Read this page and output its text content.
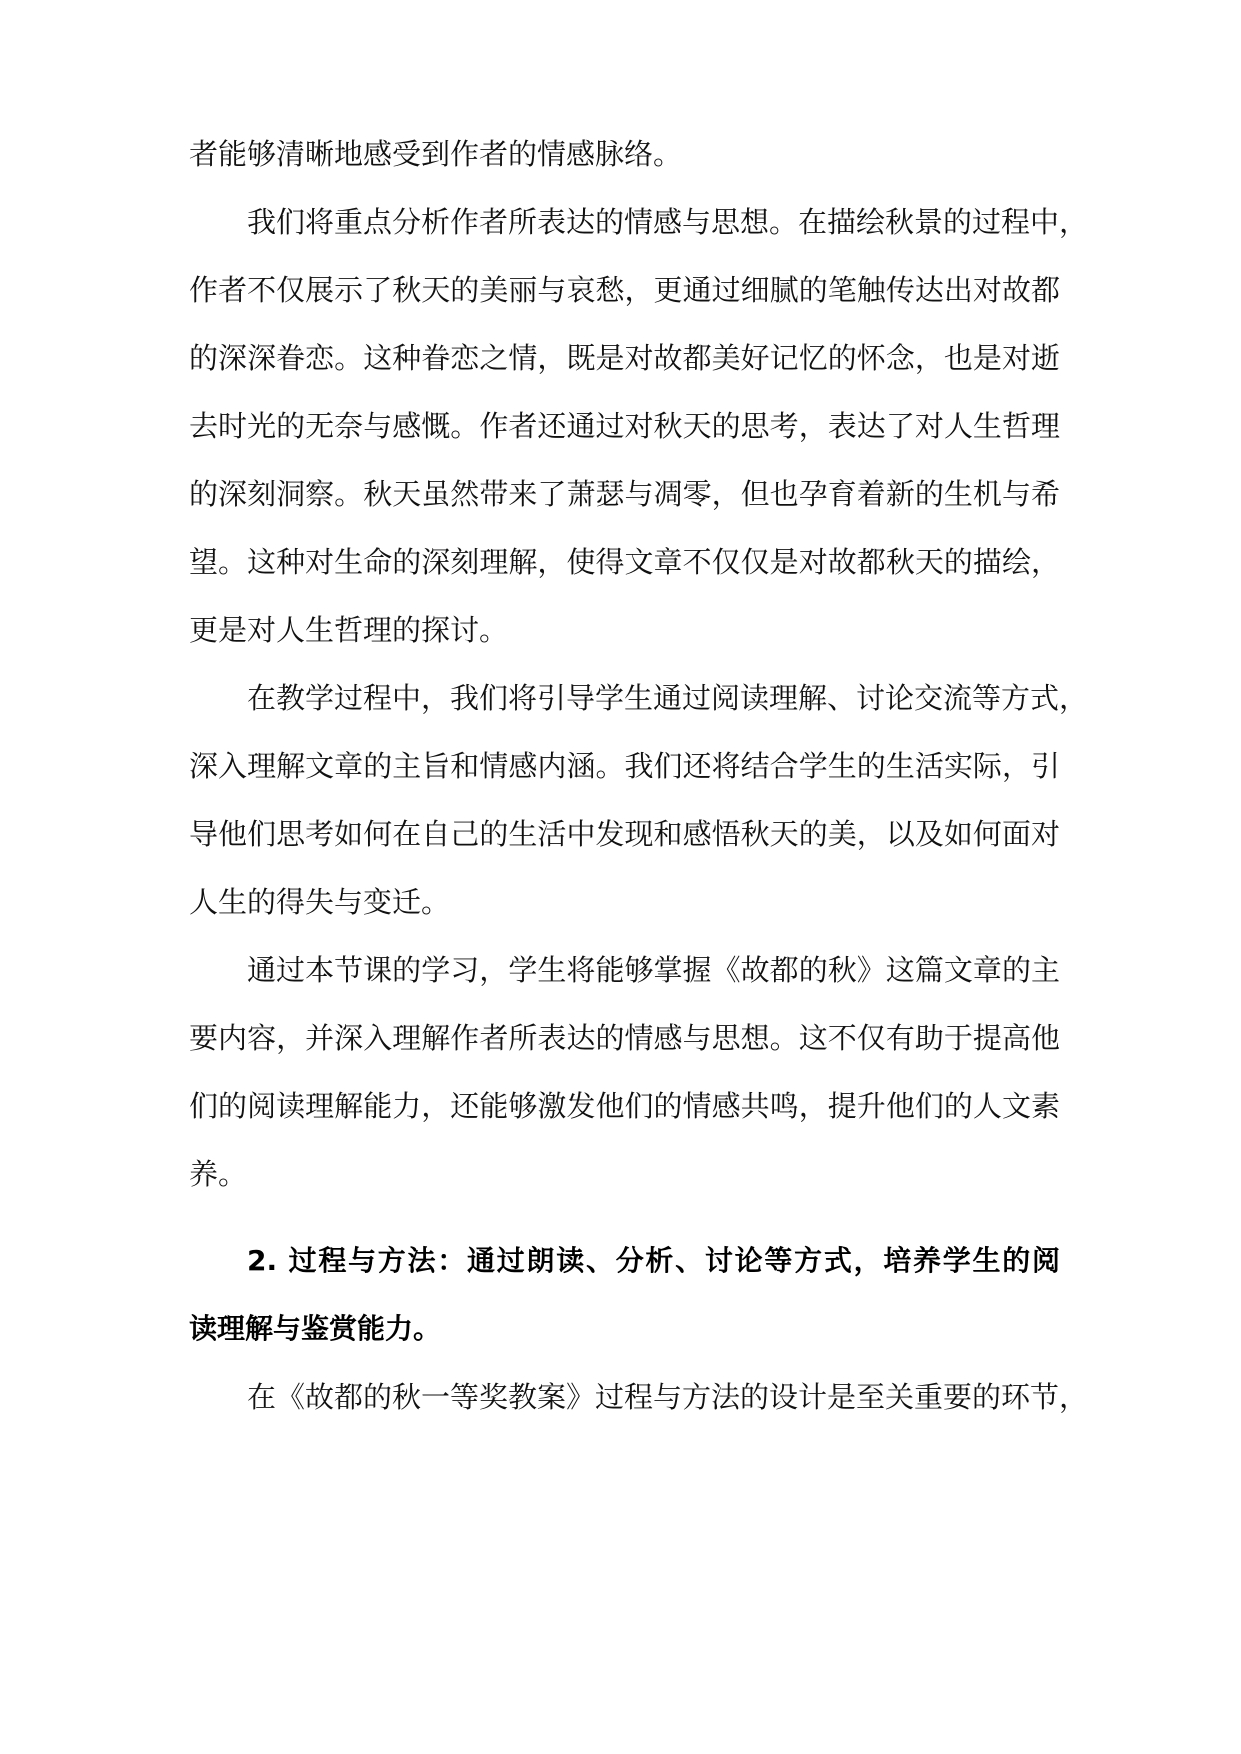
者能够清晰地感受到作者的情感脉络。

我们将重点分析作者所表达的情感与思想。在描绘秋景的过程中，

作者不仅展示了秋天的美丽与哀愁，更通过细腻的笔触传达出对故都

的深深眷恋。这种眷恋之情，既是对故都美好记忆的怀念，也是对逝

去时光的无奈与感慨。作者还通过对秋天的思考，表达了对人生哲理

的深刻洞察。秋天虽然带来了萧瑟与凋零，但也孕育着新的生机与希

望。这种对生命的深刻理解，使得文章不仅仅是对故都秋天的描绘，

更是对人生哲理的探讨。

在教学过程中，我们将引导学生通过阅读理解、讨论交流等方式，

深入理解文章的主旨和情感内涵。我们还将结合学生的生活实际，引

导他们思考如何在自己的生活中发现和感悟秋天的美，以及如何面对

人生的得失与变迁。

通过本节课的学习，学生将能够掌握《故都的秋》这篇文章的主

要内容，并深入理解作者所表达的情感与思想。这不仅有助于提高他

们的阅读理解能力，还能够激发他们的情感共鸣，提升他们的人文素

养。

2. 过程与方法：通过朗读、分析、讨论等方式，培养学生的阅

读理解与鉴赏能力。

在《故都的秋一等奖教案》过程与方法的设计是至关重要的环节，
